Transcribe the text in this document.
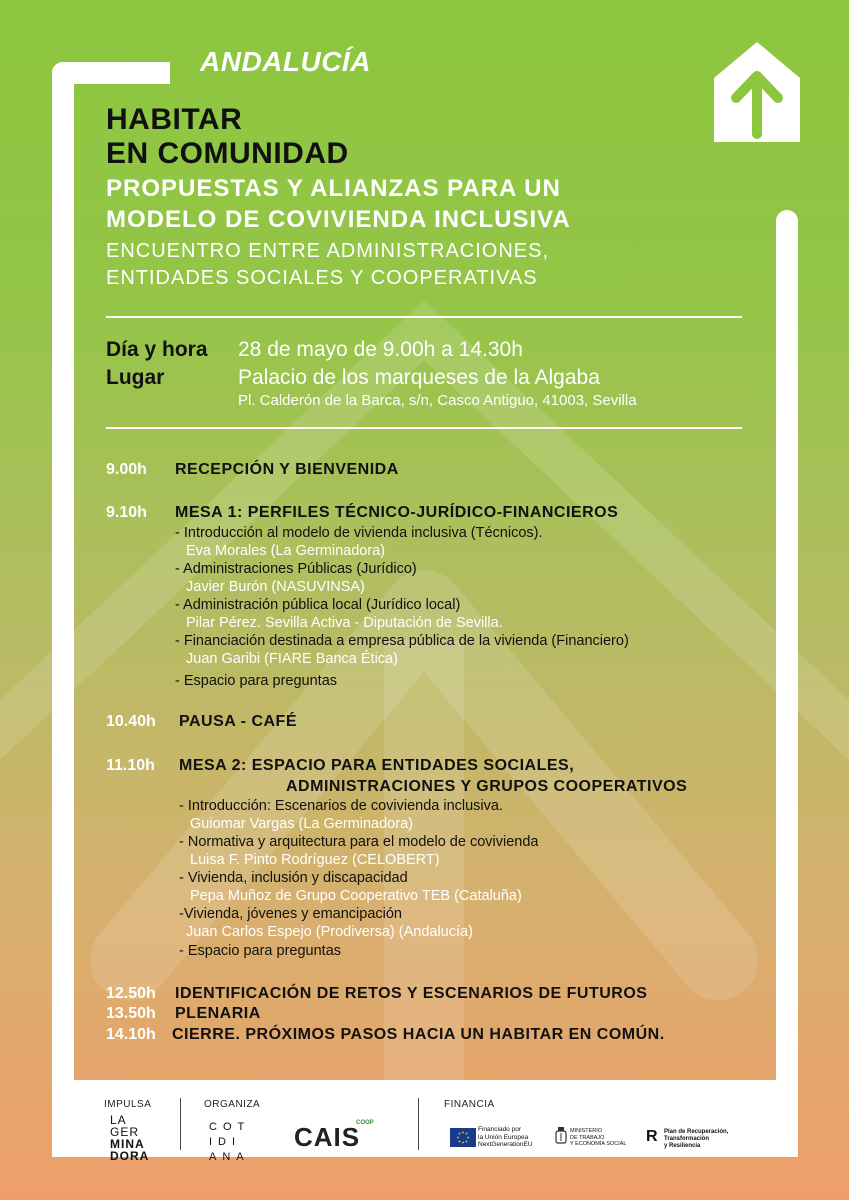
ANDALUCÍA
HABITAR
EN COMUNIDAD
PROPUESTAS Y ALIANZAS PARA UN
MODELO DE COVIVIENDA INCLUSIVA
ENCUENTRO ENTRE ADMINISTRACIONES,
ENTIDADES SOCIALES Y COOPERATIVAS
Día y hora 28 de mayo de 9.00h a 14.30h
Lugar	Palacio de los marqueses de la Algaba
Pl. Calderón de la Barca, s/n, Casco Antiguo, 41003, Sevilla
9.00h RECEPCIÓN Y BIENVENIDA
9.10h MESA 1: PERFILES TÉCNICO-JURÍDICO-FINANCIEROS
- Introducción al modelo de vivienda inclusiva (Técnicos).
Eva Morales (La Germinadora)
- Administraciones Públicas (Jurídico)
Javier Burón (NASUVINSA)
- Administración pública local (Jurídico local)
Pilar Pérez. Sevilla Activa - Diputación de Sevilla.
- Financiación destinada a empresa pública de la vivienda (Financiero)
Juan Garibi (FIARE Banca Ética)
- Espacio para preguntas
10.40h PAUSA - CAFÉ
11.10h MESA 2: ESPACIO PARA ENTIDADES SOCIALES,
ADMINISTRACIONES Y GRUPOS COOPERATIVOS
- Introducción: Escenarios de covivienda inclusiva.
Guiomar Vargas (La Germinadora)
- Normativa y arquitectura para el modelo de covivienda
Luisa F. Pinto Rodríguez (CELOBERT)
- Vivienda, inclusión y discapacidad
Pepa Muñoz de Grupo Cooperativo TEB (Cataluña)
-Vivienda, jóvenes y emancipación
Juan Carlos Espejo (Prodiversa) (Andalucía)
- Espacio para preguntas
12.50h IDENTIFICACIÓN DE RETOS Y ESCENARIOS DE FUTUROS
13.50h PLENARIA
14.10h CIERRE. PRÓXIMOS PASOS HACIA UN HABITAR EN COMÚN.
IMPULSA
LA
GER
MINA
DORA
ORGANIZA
COT
IDI
ANA
CAIS
COOP
FINANCIA
Financiado por
la Unión Europea
NextGenerationEU
MINISTERIO
DE TRABAJO
Y ECONOMÍA SOCIAL R Plan de Recuperación,
Transformación
y Resiliencia
